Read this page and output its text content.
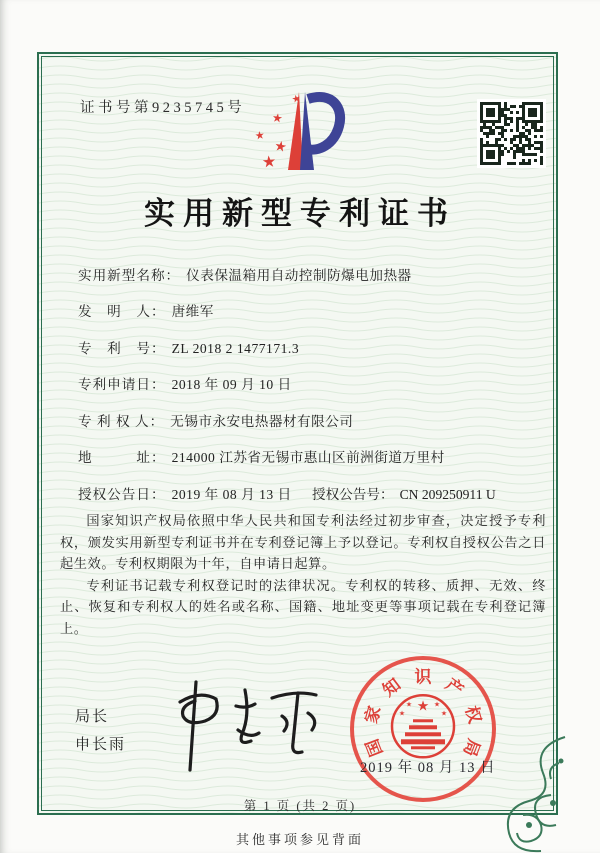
证书号第9235745号
★
★
★
★
★
实用新型专利证书
实用新型名称： 仪表保温箱用自动控制防爆电加热器
发　明　人： 唐维军
专　利　号： ZL 2018 2 1477171.3
专利申请日： 2018 年 09 月 10 日
专 利 权 人： 无锡市永安电热器材有限公司
地　　　址： 214000 江苏省无锡市惠山区前洲街道万里村
授权公告日： 2019 年 08 月 13 日 授权公告号： CN 209250911 U

国家知识产权局依照中华人民共和国专利法经过初步审查，决定授予专利权，颁发实用新型专利证书并在专利登记簿上予以登记。专利权自授权公告之日起生效。专利权期限为十年，自申请日起算。

专利证书记载专利权登记时的法律状况。专利权的转移、质押、无效、终止、恢复和专利权人的姓名或名称、国籍、地址变更等事项记载在专利登记簿上。

局长
申长雨	国
家
知 识 产
权
局
★
★	★
★	★
2019 年 08 月 13 日
第 1 页 (共 2 页)
其他事项参见背面
